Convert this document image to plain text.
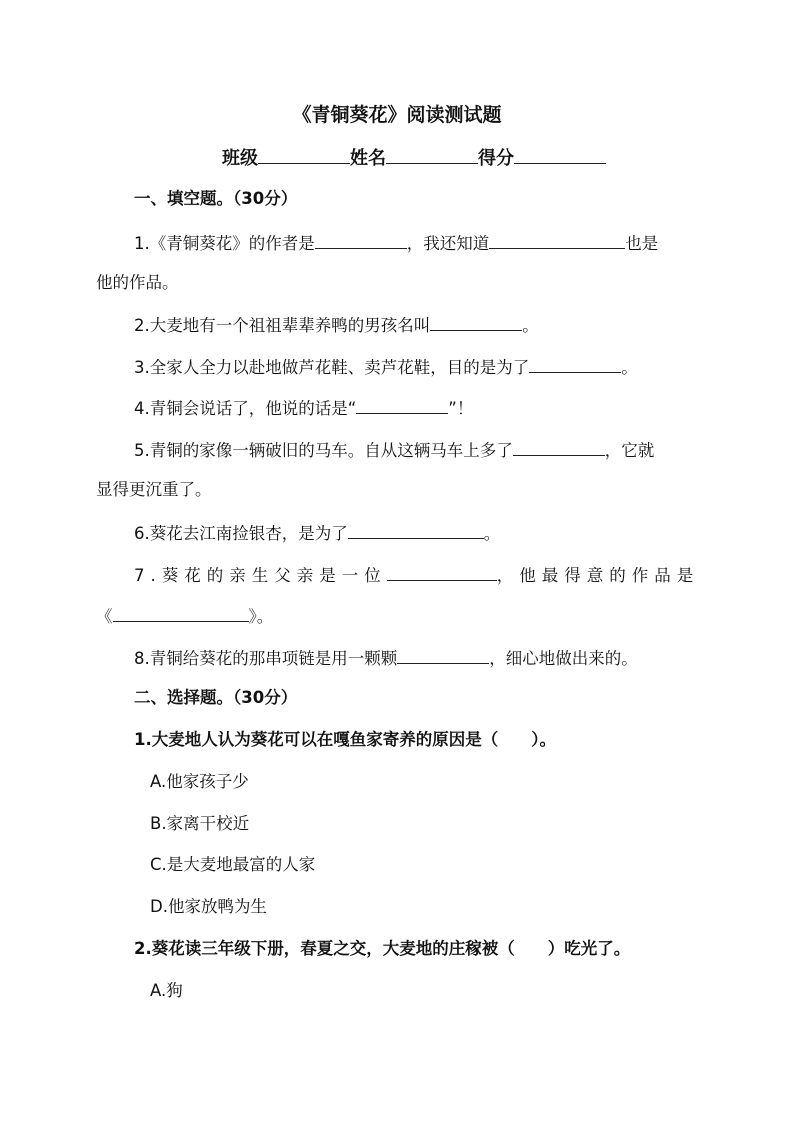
《青铜葵花》阅读测试题
班级	姓名	得分
一、填空题。（30分）
1.《青铜葵花》的作者是	，我还知道	也是
他的作品。
2.大麦地有一个祖祖辈辈养鸭的男孩名叫	。
3.全家人全力以赴地做芦花鞋、卖芦花鞋，目的是为了	。
4.青铜会说话了，他说的话是“	”！
5.青铜的家像一辆破旧的马车。自从这辆马车上多了	，它就
显得更沉重了。
6.葵花去江南捡银杏，是为了	。
7.葵花的亲生父亲是一位	，他最得意的作品是
《	》。
8.青铜给葵花的那串项链是用一颗颗	，细心地做出来的。
二、选择题。（30分）
1.大麦地人认为葵花可以在嘎鱼家寄养的原因是（　　）。
A.他家孩子少
B.家离干校近
C.是大麦地最富的人家
D.他家放鸭为生
2.葵花读三年级下册，春夏之交，大麦地的庄稼被（　　）吃光了。
A.狗
